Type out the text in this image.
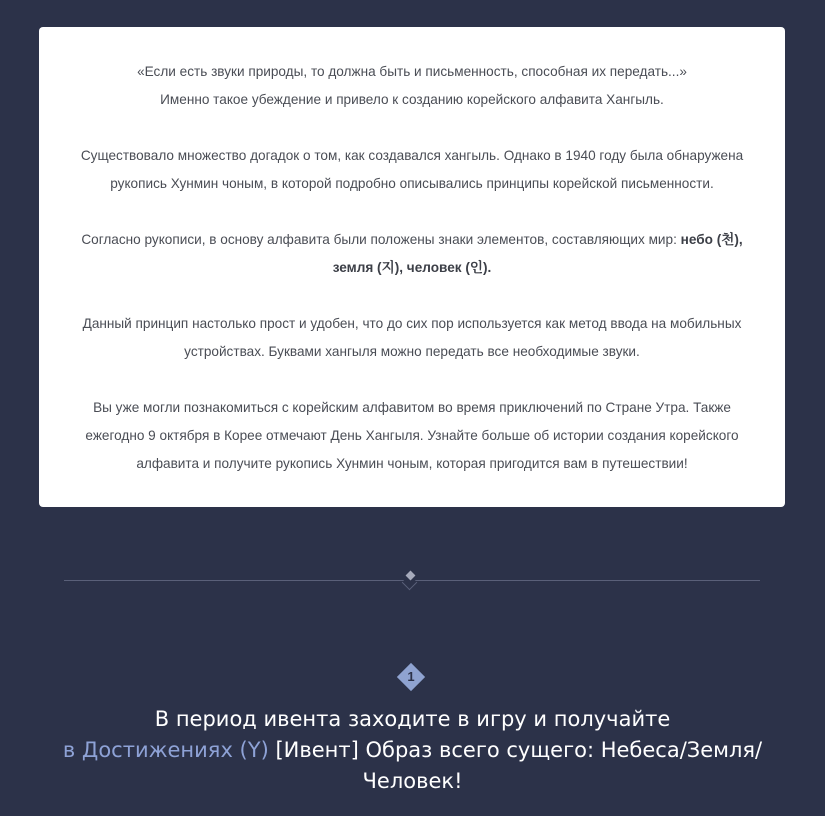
«Если есть звуки природы, то должна быть и письменность, способная их передать...»
Именно такое убеждение и привело к созданию корейского алфавита Хангыль.

Существовало множество догадок о том, как создавался хангыль. Однако в 1940 году была обнаружена рукопись Хунмин чоным, в которой подробно описывались принципы корейской письменности.

Согласно рукописи, в основу алфавита были положены знаки элементов, составляющих мир: небо (천), земля (지), человек (인).

Данный принцип настолько прост и удобен, что до сих пор используется как метод ввода на мобильных устройствах. Буквами хангыля можно передать все необходимые звуки.

Вы уже могли познакомиться с корейским алфавитом во время приключений по Стране Утра. Также ежегодно 9 октября в Корее отмечают День Хангыля. Узнайте больше об истории создания корейского алфавита и получите рукопись Хунмин чоным, которая пригодится вам в путешествии!

1
В период ивента заходите в игру и получайте
в Достижениях (Y) [Ивент] Образ всего сущего: Небеса/Земля/Человек!
